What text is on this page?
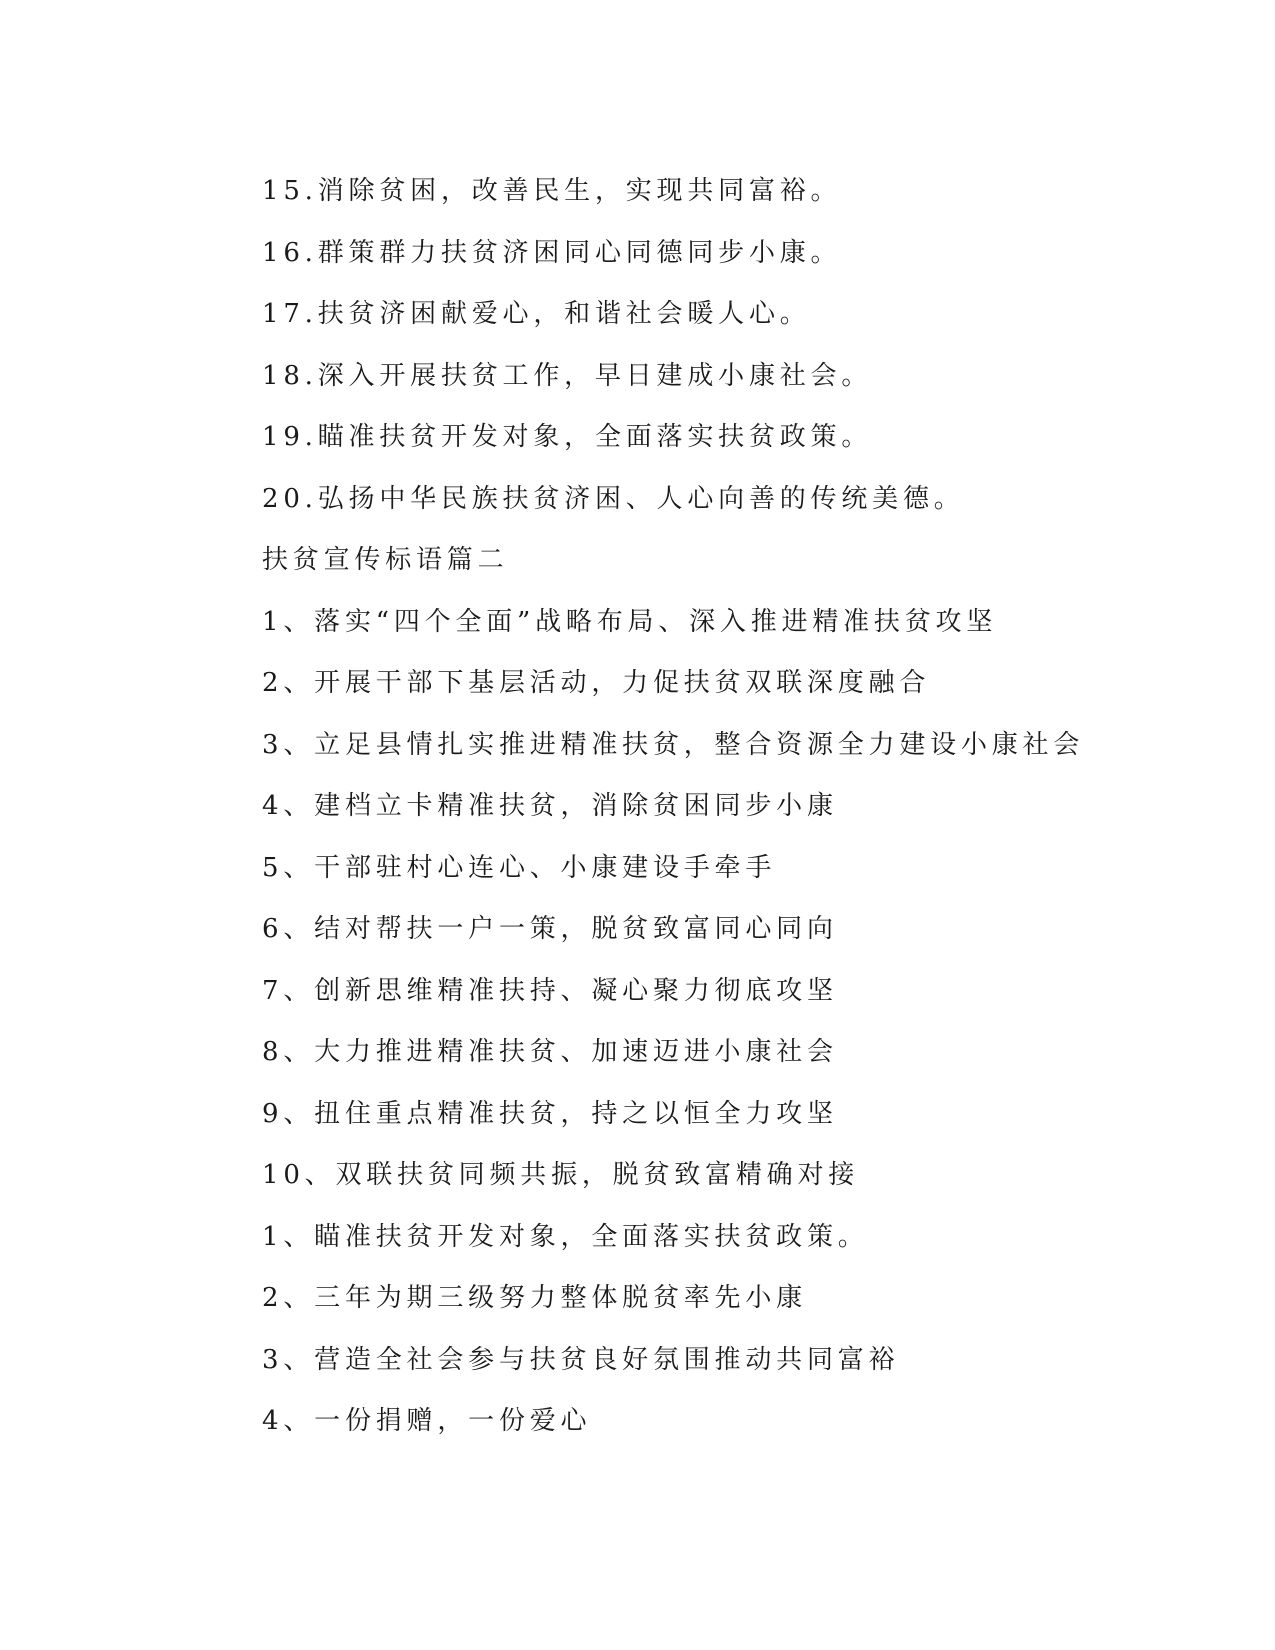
15.消除贫困，改善民生，实现共同富裕。
16.群策群力扶贫济困同心同德同步小康。
17.扶贫济困献爱心，和谐社会暖人心。
18.深入开展扶贫工作，早日建成小康社会。
19.瞄准扶贫开发对象，全面落实扶贫政策。
20.弘扬中华民族扶贫济困、人心向善的传统美德。
扶贫宣传标语篇二
1、落实“四个全面”战略布局、深入推进精准扶贫攻坚
2、开展干部下基层活动，力促扶贫双联深度融合
3、立足县情扎实推进精准扶贫，整合资源全力建设小康社会
4、建档立卡精准扶贫，消除贫困同步小康
5、干部驻村心连心、小康建设手牵手
6、结对帮扶一户一策，脱贫致富同心同向
7、创新思维精准扶持、凝心聚力彻底攻坚
8、大力推进精准扶贫、加速迈进小康社会
9、扭住重点精准扶贫，持之以恒全力攻坚
10、双联扶贫同频共振，脱贫致富精确对接
1、瞄准扶贫开发对象，全面落实扶贫政策。
2、三年为期三级努力整体脱贫率先小康
3、营造全社会参与扶贫良好氛围推动共同富裕
4、一份捐赠，一份爱心
